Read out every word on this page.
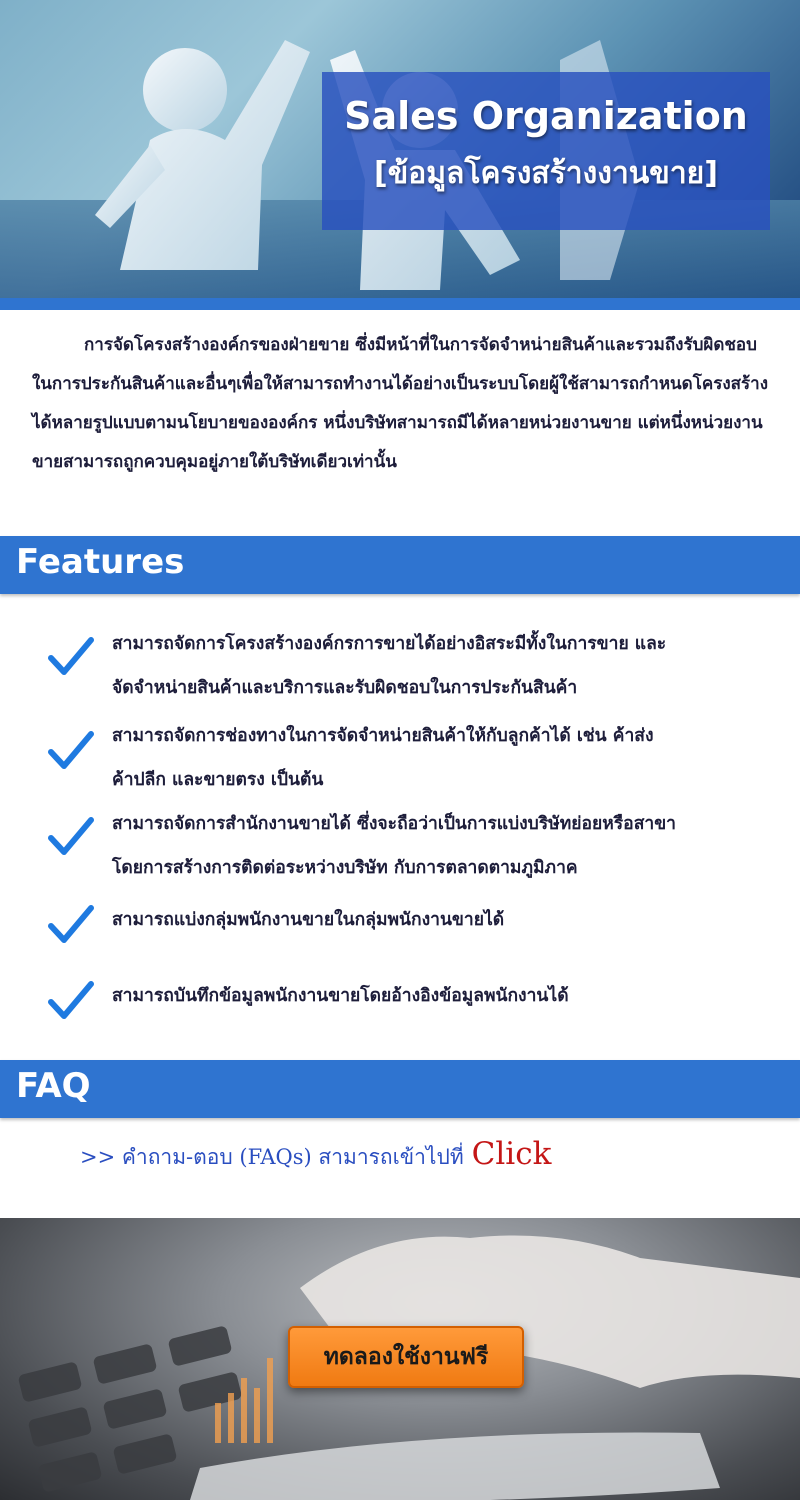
Sales Organization
[ข้อมูลโครงสร้างงานขาย]

การจัดโครงสร้างองค์กรของฝ่ายขาย ซึ่งมีหน้าที่ในการจัดจำหน่ายสินค้าและรวมถึงรับผิดชอบในการประกันสินค้าและอื่นๆเพื่อให้สามารถทำงานได้อย่างเป็นระบบโดยผู้ใช้สามารถกำหนดโครงสร้างได้หลายรูปแบบตามนโยบายขององค์กร หนึ่งบริษัทสามารถมีได้หลายหน่วยงานขาย แต่หนึ่งหน่วยงานขายสามารถถูกควบคุมอยู่ภายใต้บริษัทเดียวเท่านั้น

Features
สามารถจัดการโครงสร้างองค์กรการขายได้อย่างอิสระมีทั้งในการขาย และ
จัดจำหน่ายสินค้าและบริการและรับผิดชอบในการประกันสินค้า
สามารถจัดการช่องทางในการจัดจำหน่ายสินค้าให้กับลูกค้าได้ เช่น ค้าส่ง
ค้าปลีก และขายตรง เป็นต้น
สามารถจัดการสำนักงานขายได้ ซึ่งจะถือว่าเป็นการแบ่งบริษัทย่อยหรือสาขา
โดยการสร้างการติดต่อระหว่างบริษัท กับการตลาดตามภูมิภาค
สามารถแบ่งกลุ่มพนักงานขายในกลุ่มพนักงานขายได้
สามารถบันทึกข้อมูลพนักงานขายโดยอ้างอิงข้อมูลพนักงานได้
FAQ
>> คำถาม-ตอบ (FAQs) สามารถเข้าไปที่ Click
ทดลองใช้งานฟรี
